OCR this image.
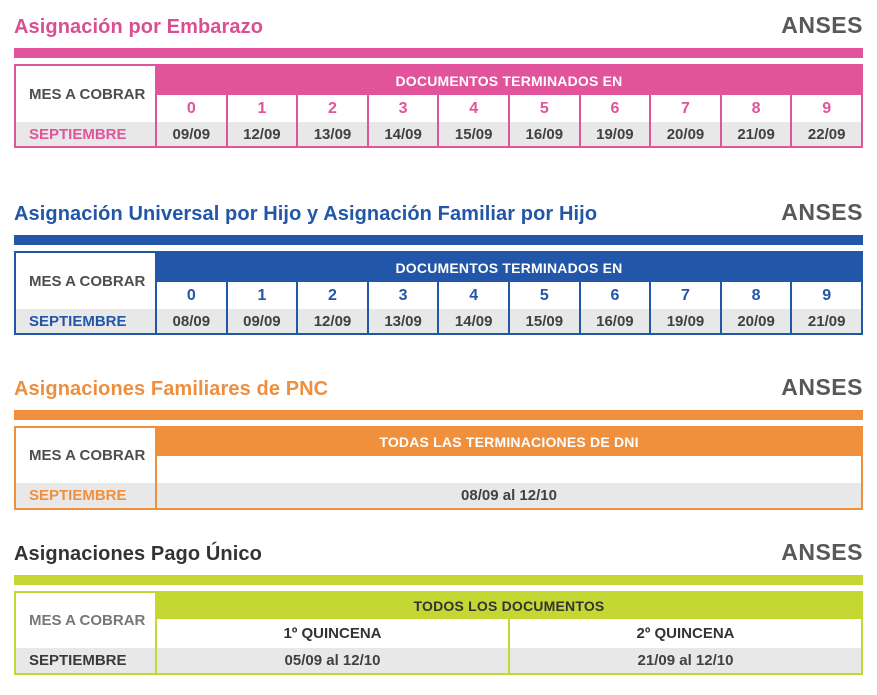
Asignación por Embarazo	ANSES
MES A COBRAR
DOCUMENTOS TERMINADOS EN
0	1	2	3	4	5	6	7	8	9
SEPTIEMBRE	09/09	12/09	13/09	14/09	15/09	16/09	19/09	20/09	21/09	22/09
Asignación Universal por Hijo y Asignación Familiar por Hijo	ANSES
MES A COBRAR
DOCUMENTOS TERMINADOS EN
0	1	2	3	4	5	6	7	8	9
SEPTIEMBRE	08/09	09/09	12/09	13/09	14/09	15/09	16/09	19/09	20/09	21/09
Asignaciones Familiares de PNC	ANSES
MES A COBRAR
TODAS LAS TERMINACIONES DE DNI
SEPTIEMBRE	08/09 al 12/10
Asignaciones Pago Único	ANSES
MES A COBRAR
TODOS LOS DOCUMENTOS
1º QUINCENA	2º QUINCENA
SEPTIEMBRE	05/09 al 12/10	21/09 al 12/10
